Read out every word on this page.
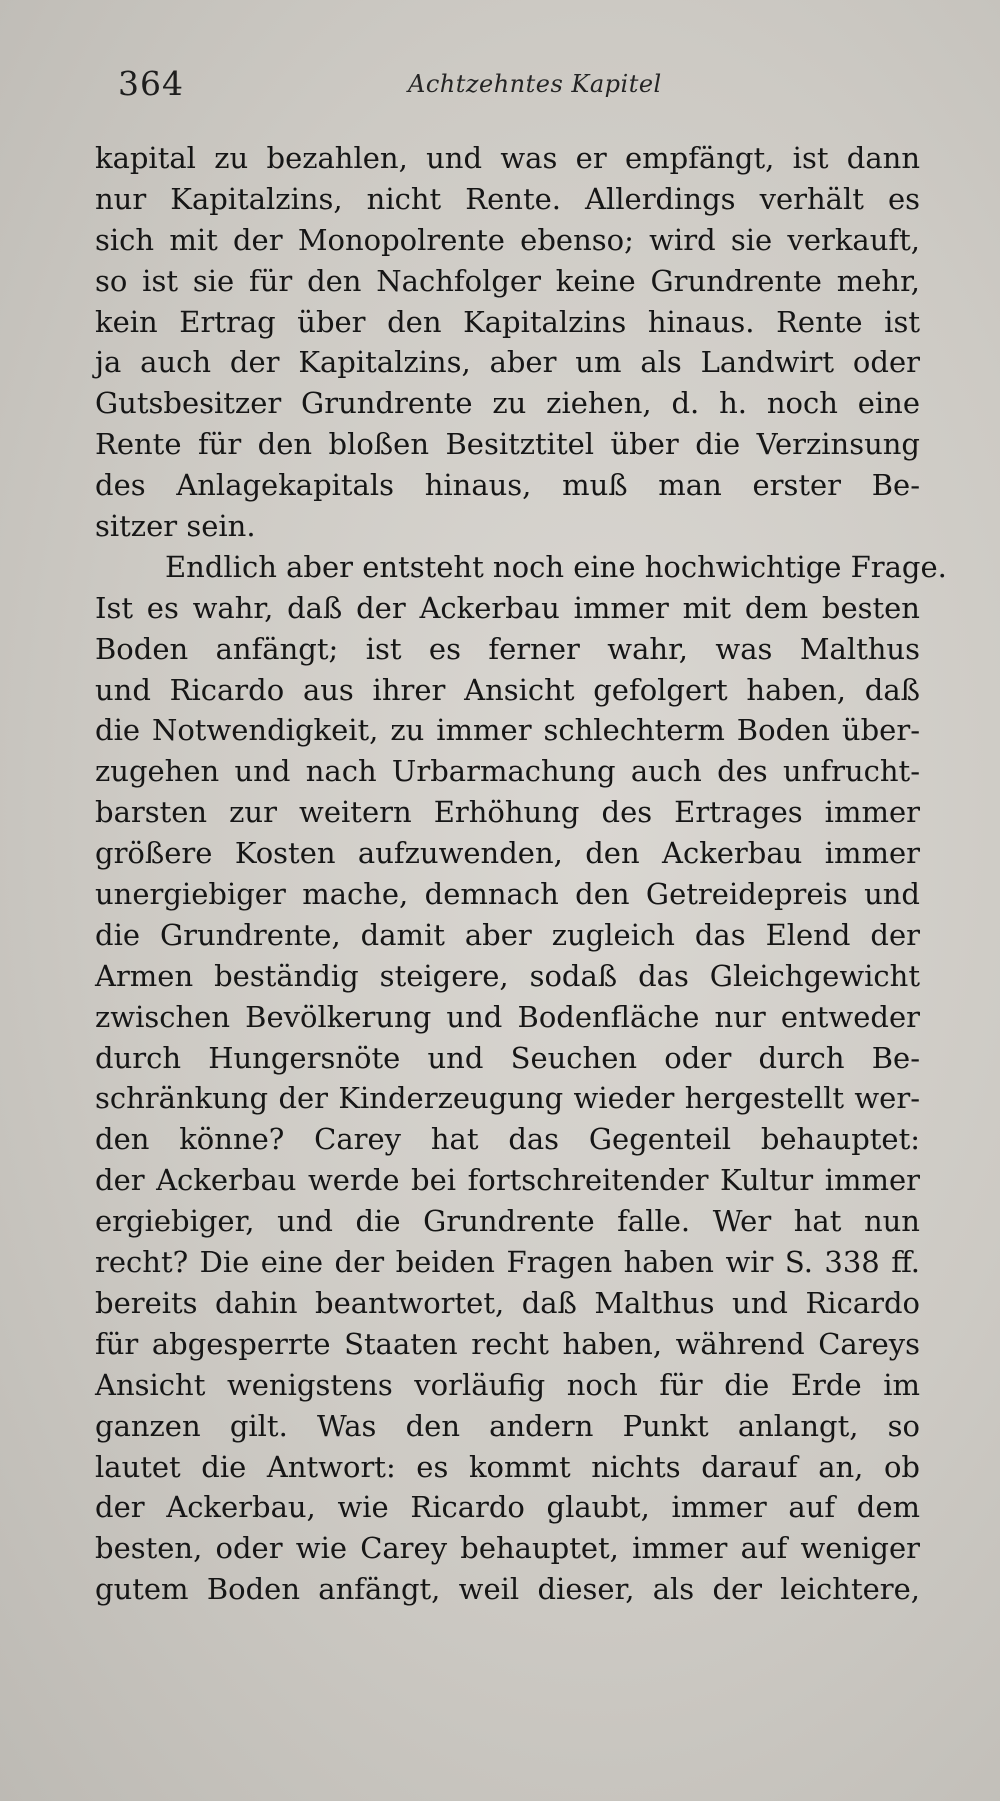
364	Achtzehntes Kapitel
kapital zu bezahlen, und was er empfängt, ist dann
nur Kapitalzins, nicht Rente. Allerdings verhält es
sich mit der Monopolrente ebenso; wird sie verkauft,
so ist sie für den Nachfolger keine Grundrente mehr,
kein Ertrag über den Kapitalzins hinaus. Rente ist
ja auch der Kapitalzins, aber um als Landwirt oder
Gutsbesitzer Grundrente zu ziehen, d. h. noch eine
Rente für den bloßen Besitztitel über die Verzinsung
des Anlagekapitals hinaus, muß man erster Be-
sitzer sein.
Endlich aber entsteht noch eine hochwichtige Frage.
Ist es wahr, daß der Ackerbau immer mit dem besten
Boden anfängt; ist es ferner wahr, was Malthus
und Ricardo aus ihrer Ansicht gefolgert haben, daß
die Notwendigkeit, zu immer schlechterm Boden über-
zugehen und nach Urbarmachung auch des unfrucht-
barsten zur weitern Erhöhung des Ertrages immer
größere Kosten aufzuwenden, den Ackerbau immer
unergiebiger mache, demnach den Getreidepreis und
die Grundrente, damit aber zugleich das Elend der
Armen beständig steigere, sodaß das Gleichgewicht
zwischen Bevölkerung und Bodenfläche nur entweder
durch Hungersnöte und Seuchen oder durch Be-
schränkung der Kinderzeugung wieder hergestellt wer-
den könne? Carey hat das Gegenteil behauptet:
der Ackerbau werde bei fortschreitender Kultur immer
ergiebiger, und die Grundrente falle. Wer hat nun
recht? Die eine der beiden Fragen haben wir S. 338 ff.
bereits dahin beantwortet, daß Malthus und Ricardo
für abgesperrte Staaten recht haben, während Careys
Ansicht wenigstens vorläufig noch für die Erde im
ganzen gilt. Was den andern Punkt anlangt, so
lautet die Antwort: es kommt nichts darauf an, ob
der Ackerbau, wie Ricardo glaubt, immer auf dem
besten, oder wie Carey behauptet, immer auf weniger
gutem Boden anfängt, weil dieser, als der leichtere,
